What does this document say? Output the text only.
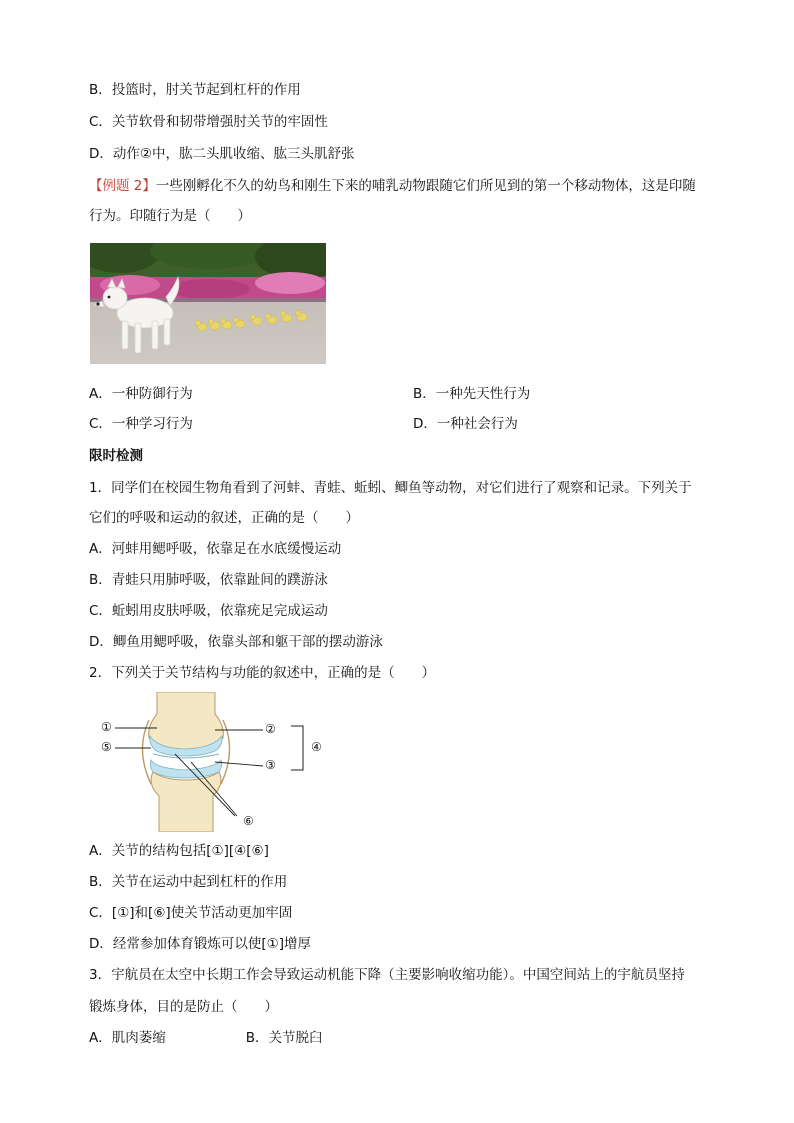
B．投篮时，肘关节起到杠杆的作用
C．关节软骨和韧带增强肘关节的牢固性
D．动作②中，肱二头肌收缩、肱三头肌舒张
【例题 2】一些刚孵化不久的幼鸟和刚生下来的哺乳动物跟随它们所见到的第一个移动物体，这是印随
行为。印随行为是（　　）
A．一种防御行为	B．一种先天性行为
C．一种学习行为	D．一种社会行为
限时检测
1．同学们在校园生物角看到了河蚌、青蛙、蚯蚓、鲫鱼等动物，对它们进行了观察和记录。下列关于
它们的呼吸和运动的叙述，正确的是（　　）
A．河蚌用鳃呼吸，依靠足在水底缓慢运动
B．青蛙只用肺呼吸，依靠趾间的蹼游泳
C．蚯蚓用皮肤呼吸，依靠疣足完成运动
D．鲫鱼用鳃呼吸，依靠头部和躯干部的摆动游泳
2．下列关于关节结构与功能的叙述中，正确的是（　　）
①
⑤
②
③
④
⑥
A．关节的结构包括[①][④[⑥]
B．关节在运动中起到杠杆的作用
C．[①]和[⑥]使关节活动更加牢固
D．经常参加体育锻炼可以使[①]增厚
3．宇航员在太空中长期工作会导致运动机能下降（主要影响收缩功能）。中国空间站上的宇航员坚持
锻炼身体，目的是防止（　　）
A．肌肉萎缩	B．关节脱臼
